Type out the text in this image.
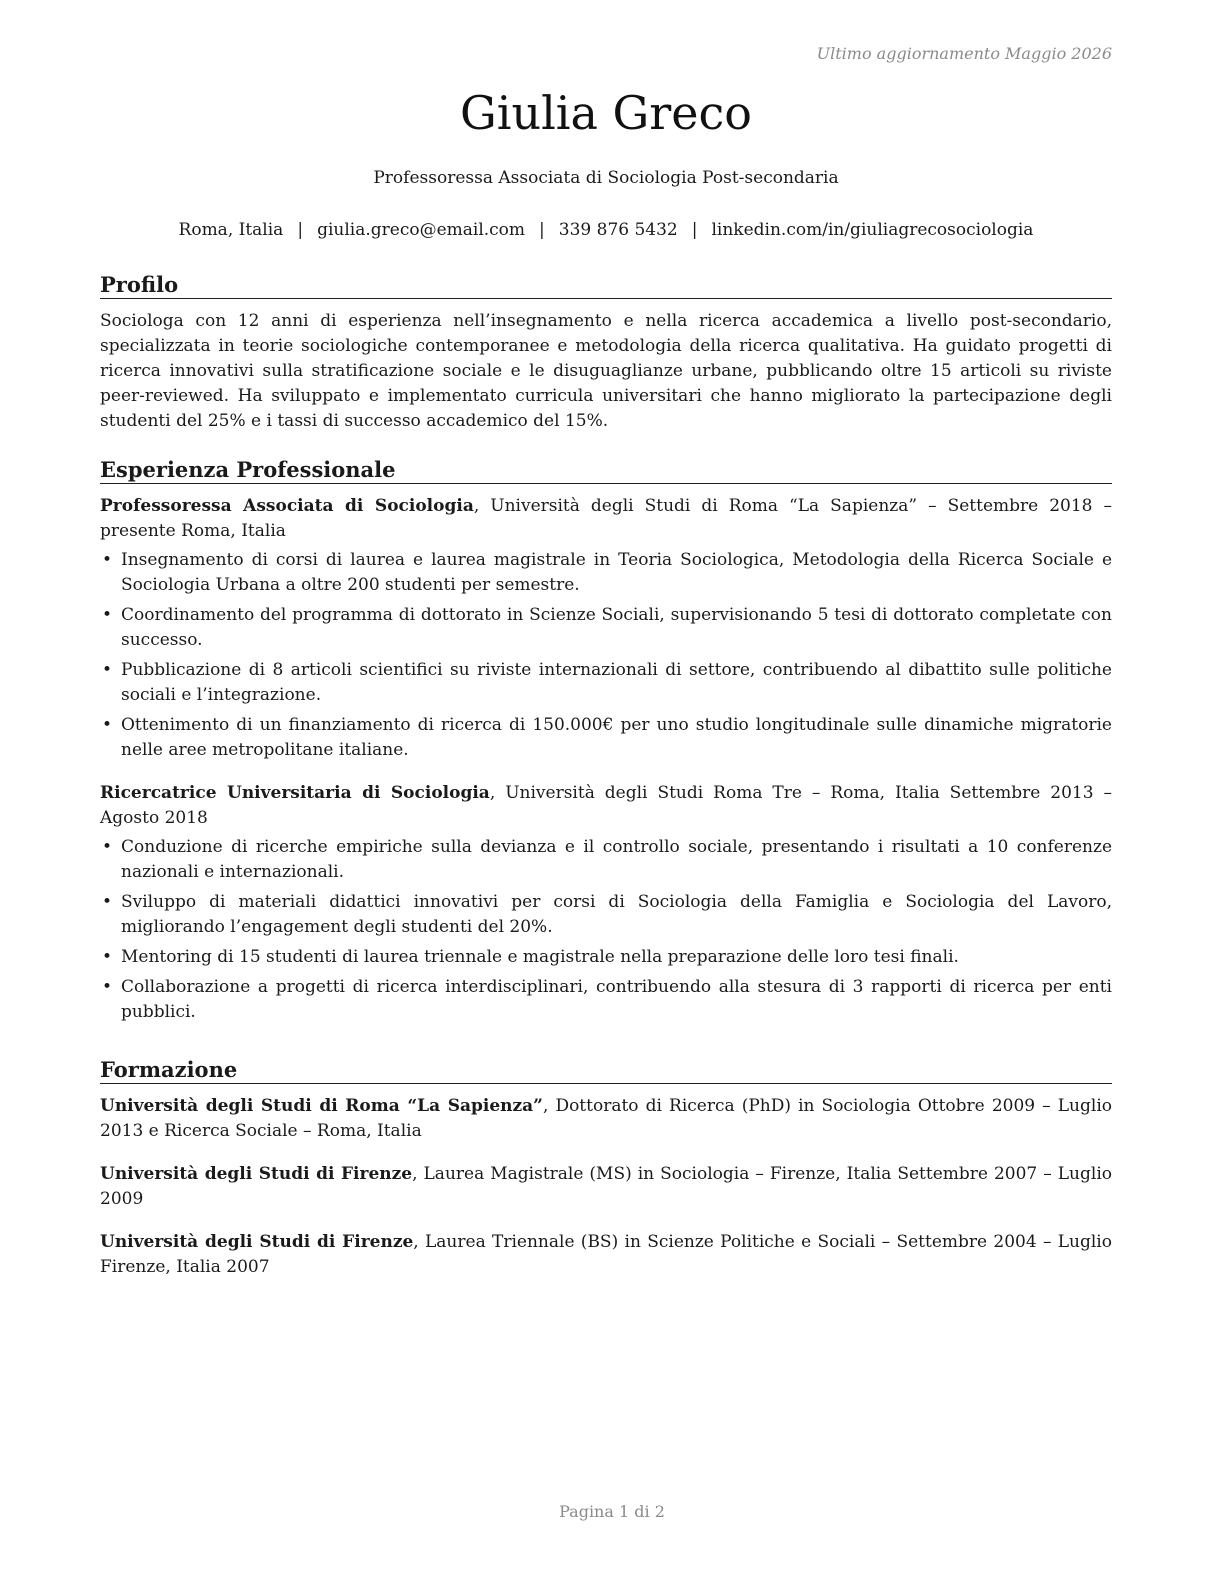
Ultimo aggiornamento Maggio 2026
Giulia Greco
Professoressa Associata di Sociologia Post-secondaria
Roma, Italia | giulia.greco@email.com | 339 876 5432 | linkedin.com/in/giuliagrecosociologia
Profilo

Sociologa con 12 anni di esperienza nell’insegnamento e nella ricerca accademica a livello post-secondario, specializzata in teorie sociologiche contemporanee e metodologia della ricerca qualitativa. Ha guidato progetti di ricerca innovativi sulla stratificazione sociale e le disuguaglianze urbane, pubblicando oltre 15 articoli su riviste peer-reviewed. Ha sviluppato e implementato curricula universitari che hanno migliorato la partecipazione degli studenti del 25% e i tassi di successo accademico del 15%.

Esperienza Professionale

Professoressa Associata di Sociologia, Università degli Studi di Roma “La Sapienza” – Settembre 2018 – presente Roma, Italia

• Insegnamento di corsi di laurea e laurea magistrale in Teoria Sociologica, Metodologia della Ricerca Sociale e Sociologia Urbana a oltre 200 studenti per semestre.
• Coordinamento del programma di dottorato in Scienze Sociali, supervisionando 5 tesi di dottorato completate con successo.
• Pubblicazione di 8 articoli scientifici su riviste internazionali di settore, contribuendo al dibattito sulle politiche sociali e l’integrazione.
• Ottenimento di un finanziamento di ricerca di 150.000€ per uno studio longitudinale sulle dinamiche migratorie nelle aree metropolitane italiane.

Ricercatrice Universitaria di Sociologia, Università degli Studi Roma Tre – Roma, Italia Settembre 2013 – Agosto 2018

• Conduzione di ricerche empiriche sulla devianza e il controllo sociale, presentando i risultati a 10 conferenze nazionali e internazionali.
• Sviluppo di materiali didattici innovativi per corsi di Sociologia della Famiglia e Sociologia del Lavoro, migliorando l’engagement degli studenti del 20%.
• Mentoring di 15 studenti di laurea triennale e magistrale nella preparazione delle loro tesi finali.
• Collaborazione a progetti di ricerca interdisciplinari, contribuendo alla stesura di 3 rapporti di ricerca per enti pubblici.
Formazione

Università degli Studi di Roma “La Sapienza”, Dottorato di Ricerca (PhD) in Sociologia Ottobre 2009 – Luglio 2013 e Ricerca Sociale – Roma, Italia

Università degli Studi di Firenze, Laurea Magistrale (MS) in Sociologia – Firenze, Italia Settembre 2007 – Luglio 2009

Università degli Studi di Firenze, Laurea Triennale (BS) in Scienze Politiche e Sociali – Settembre 2004 – Luglio Firenze, Italia 2007

Pagina 1 di 2
